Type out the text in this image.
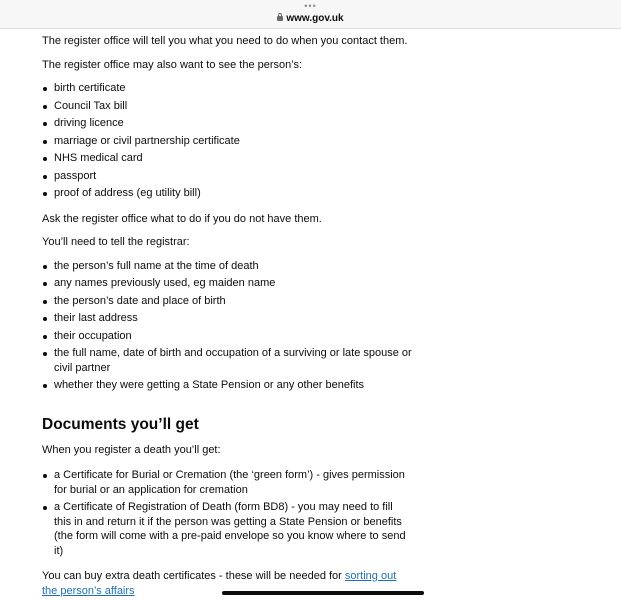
•••
www.gov.uk

The register office will tell you what you need to do when you contact them.

The register office may also want to see the person’s:

birth certificate
Council Tax bill
driving licence
marriage or civil partnership certificate
NHS medical card
passport
proof of address (eg utility bill)

Ask the register office what to do if you do not have them.

You’ll need to tell the registrar:

the person’s full name at the time of death
any names previously used, eg maiden name
the person’s date and place of birth
their last address
their occupation
the full name, date of birth and occupation of a surviving or late spouse or civil partner
whether they were getting a State Pension or any other benefits
Documents you’ll get

When you register a death you’ll get:

a Certificate for Burial or Cremation (the ‘green form’) - gives permission for burial or an application for cremation
a Certificate of Registration of Death (form BD8) - you may need to fill this in and return it if the person was getting a State Pension or benefits (the form will come with a pre-paid envelope so you know where to send it)

You can buy extra death certificates - these will be needed for sorting out the person’s affairs
